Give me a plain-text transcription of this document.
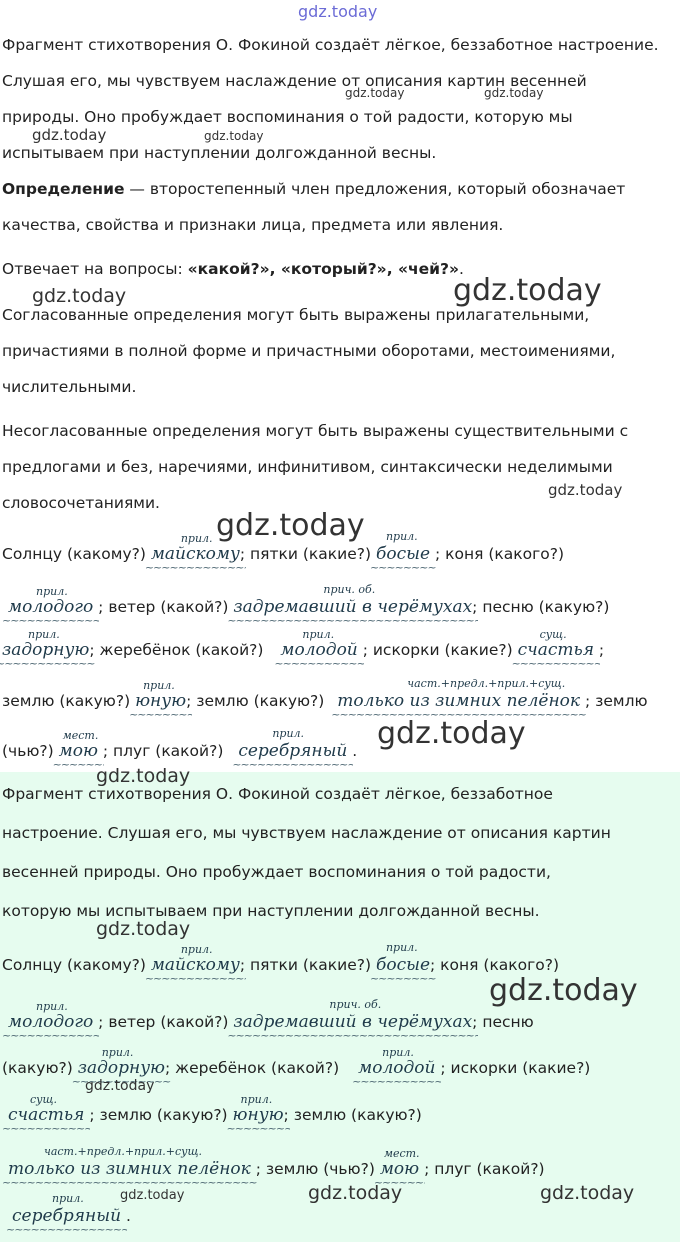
gdz.today
Фрагмент стихотворения О. Фокиной создаёт лёгкое, беззаботное настроение.
Слушая его, мы чувствуем наслаждение от описания картин весенней
gdz.today	gdz.today
природы. Оно пробуждает воспоминания о той радости, которую мы
gdz.today	gdz.today
испытываем при наступлении долгожданной весны.
Определение — второстепенный член предложения, который обозначает
качества, свойства и признаки лица, предмета или явления.
Отвечает на вопросы: «какой?», «который?», «чей?».
gdz.today	gdz.today
Согласованные определения могут быть выражены прилагательными,
причастиями в полной форме и причастными оборотами, местоимениями,
числительными.
Несогласованные определения могут быть выражены существительными с
предлогами и без, наречиями, инфинитивом, синтаксически неделимыми
gdz.today
словосочетаниями.
gdz.today
Солнцу (какому?)
прил.
майскому ~~~~~; пятки (какие?)
прил.
босые ~~~~~ ; коня (какого?)
прил.
молодого ~~~~~ ; ветер (какой?)
прич. об.
задремавший в черёмухах ~~~~~; песню (какую?)
прил.
задорную ~~~~~; жеребёнок (какой?)
прил.
молодой ~~~~~ ; искорки (какие?)
сущ.
счастья ~~~~~ ;
землю (какую?)
прил.
юную ~~~~~; землю (какую?)
част.+предл.+прил.+сущ.
только из зимних пелёнок ~~~~~ ; землю
(чью?)
мест.
мою ~~~~~ ; плуг (какой?)
прил.
серебряный ~~~~~ . gdz.today
gdz.today
Фрагмент стихотворения О. Фокиной создаёт лёгкое, беззаботное
настроение. Слушая его, мы чувствуем наслаждение от описания картин
весенней природы. Оно пробуждает воспоминания о той радости,
которую мы испытываем при наступлении долгожданной весны.
gdz.today
Солнцу (какому?)
прил.
майскому ~~~~~; пятки (какие?)
прил.
босые ~~~~~; коня (какого?)
gdz.today
прил.
молодого ~~~~~ ; ветер (какой?)
прич. об.
задремавший в черёмухах ~~~~~; песню
(какую?)
прил.
задорную ~~~~~; жеребёнок (какой?)
прил.
молодой ~~~~~ ; искорки (какие?)
gdz.today
сущ.
счастья ~~~~~ ; землю (какую?)
прил.
юную ~~~~~; землю (какую?)
част.+предл.+прил.+сущ.
только из зимних пелёнок ~~~~~ ; землю (чью?)
мест.
мою ~~~~~ ; плуг (какой?)
gdz.today	gdz.today
прил.
серебряный ~~~~~ .
gdz.today
